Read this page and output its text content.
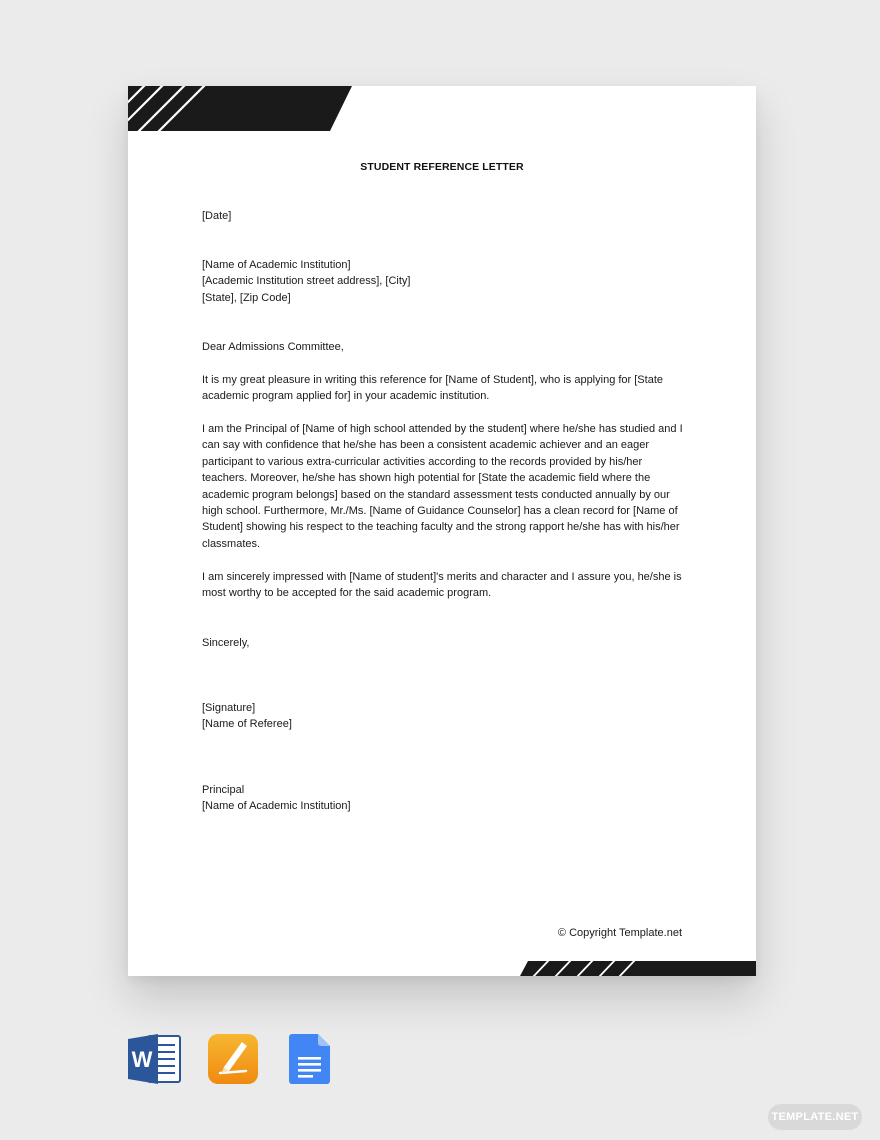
STUDENT REFERENCE LETTER
[Date]
[Name of Academic Institution]
[Academic Institution street address], [City]
[State], [Zip Code]
Dear Admissions Committee,
It is my great pleasure in writing this reference for [Name of Student], who is applying for [State academic program applied for] in your academic institution.
I am the Principal of [Name of high school attended by the student] where he/she has studied and I can say with confidence that he/she has been a consistent academic achiever and an eager participant to various extra-curricular activities according to the records provided by his/her teachers. Moreover, he/she has shown high potential for [State the academic field where the academic program belongs] based on the standard assessment tests conducted annually by our high school. Furthermore, Mr./Ms. [Name of Guidance Counselor] has a clean record for [Name of Student] showing his respect to the teaching faculty and the strong rapport he/she has with his/her classmates.
I am sincerely impressed with [Name of student]'s merits and character and I assure you, he/she is most worthy to be accepted for the said academic program.
Sincerely,
[Signature]
[Name of Referee]
Principal
[Name of Academic Institution]
© Copyright Template.net
W
TEMPLATE.NET
